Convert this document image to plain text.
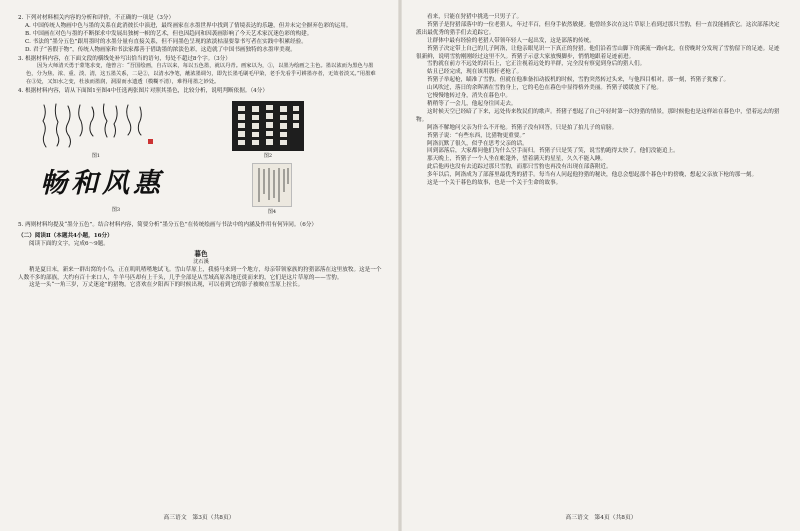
2. 下列对材料相关内容的分析和评价，不正确的一项是（3分）

A. 中国传统人物画中色与墨的关系在此消彼长中演进，最终画家在水墨世界中找到了情境表达的乐趣，但并未完全摒弃色彩的运用。

B. 中国画在对色与墨的不断探求中发展出独树一帜的艺术，但也因趋同和因袭画影响了今天艺术家沉迷色彩的构建。

C. 书法的“墨分五色”跟用墨时的水墨分量有直接关系，但不同墨色呈现的浓淡枯湿要靠书写者在实践中积累经验。

D. 君子“善假于物”，传统人物画家和书法家都善于借助墨的浓淡色彩，这造就了中国书画独特的水墨审美观。

3. 根据材料内容，在下面文段的横线处补写出恰当的语句，每处不超过8个字。（3分）

因为大师清天勇于蒙笔求变，他曾言：“吾国绘画，自古以来，每以五色墨，就以丹青。画家以为，①，以墨为绘画之主色。墨以浓而为黑色与墨色，分为焦、浓、重、淡、清，这五墨关系，二是②，以清水净笔，蘸浓墨调匀，即先长墨毛刷毛甲染，老手先看乎可耕墨亦者，无效者淡又。”用墨难在③处，又知水之变，杜浊而墨润，洞湿而水遗透（模糊不清），难得用墨之妙处。

4. 根据材料内容，请从下面图1至图4中任选两张图片对照其墨色，比较分析，说明判断依据。（4分）

图1	图2
畅和风惠
图3	图4

5. 两则材料均提及“墨分五色”。结合材料内容，简要分析“墨分五色”在传统绘画与书法中的内涵及作用有何异同。（6分）

（二）阅读Ⅱ（本题共4小题，16分）

阅读下面的文字，完成6～9题。

暮色

沈石溪

稍是夏日末，新来一群出窝的小鸟，正在叽叽喳喳地试飞。雪山草原上，我骑马来到一个地方，母亲带领家族的狩猎部落在这里放牧。这是一个人数不多的部族，大约有百十来口人，牛羊马匹却有上千头，几乎全部是从雪域高原各地迁徙而来的，它们是这片草原的——雪豹。

这是一头“一角三岁，万丈迷途”的猎物。它喜欢在夕阳西下的时候出现，可以看到它的影子被映在雪原上拉长。

高三语文　第3页（共8页）

看来，只能在狩猎中挑选一只男子了。

苔猪子是狩猎部落中的一位老猎人，年过半百，但身手依然敏捷。他曾经多次在这片草原上看到过那只雪豹，但一直没能捕获它。这次部落决定派出最优秀的猎手们去追踪它。

让群体中最有经验的老猎人带领年轻人一起出发，这是部落的传统。

苔猪子决定带上自己的儿子阿洛，让他亲眼见识一下真正的狩猎。他们沿着雪山脚下的溪流一路向北，在傍晚时分发现了雪豹留下的足迹。足迹很新鲜，说明雪豹刚刚经过这里不久。苔猪子示意大家放慢脚步，悄悄地跟着足迹前进。

雪豹就在前方不远处的岩石上，它正注视着远处的羊群，完全没有察觉到身后的猎人们。

姑且已经完成，现在该用那杆老枪了。

苔猪子举起枪，瞄准了雪豹。但就在他准备扣动扳机的时候，雪豹突然转过头来，与他四目相对。那一刻，苔猪子犹豫了。

山风吹过，落日的余晖洒在雪豹身上，它的毛色在暮色中显得格外美丽。苔猪子缓缓放下了枪。

它慢慢地转过身，消失在暮色中。

稍稍等了一会儿，他起身往回走去。

这时候天空已经暗了下来，远处传来牧民们的歌声。苔猪子想起了自己年轻时第一次狩猎的情景，那时候他也是这样站在暮色中，望着远去的猎物。

阿洛不解地问父亲为什么不开枪。苔猪子没有回答，只是拍了拍儿子的肩膀。

苔猪子说：“有些东西，比猎物更重要。”

阿洛沉默了很久，似乎在思考父亲的话。

回到部落后，大家都问他们为什么空手而归。苔猪子只是笑了笑，说雪豹跑得太快了，他们没能追上。

那天晚上，苔猪子一个人坐在帐篷外，望着满天的星星，久久不能入睡。

此后他再也没有去追踪过那只雪豹，而那只雪豹也再没有出现在部落附近。

多年以后，阿洛成为了部落里最优秀的猎手。每当有人问起他狩猎的秘诀，他总会想起那个暮色中的傍晚，想起父亲放下枪的那一刻。

这是一个关于暮色的故事，也是一个关于生命的故事。

高三语文　第4页（共8页）
